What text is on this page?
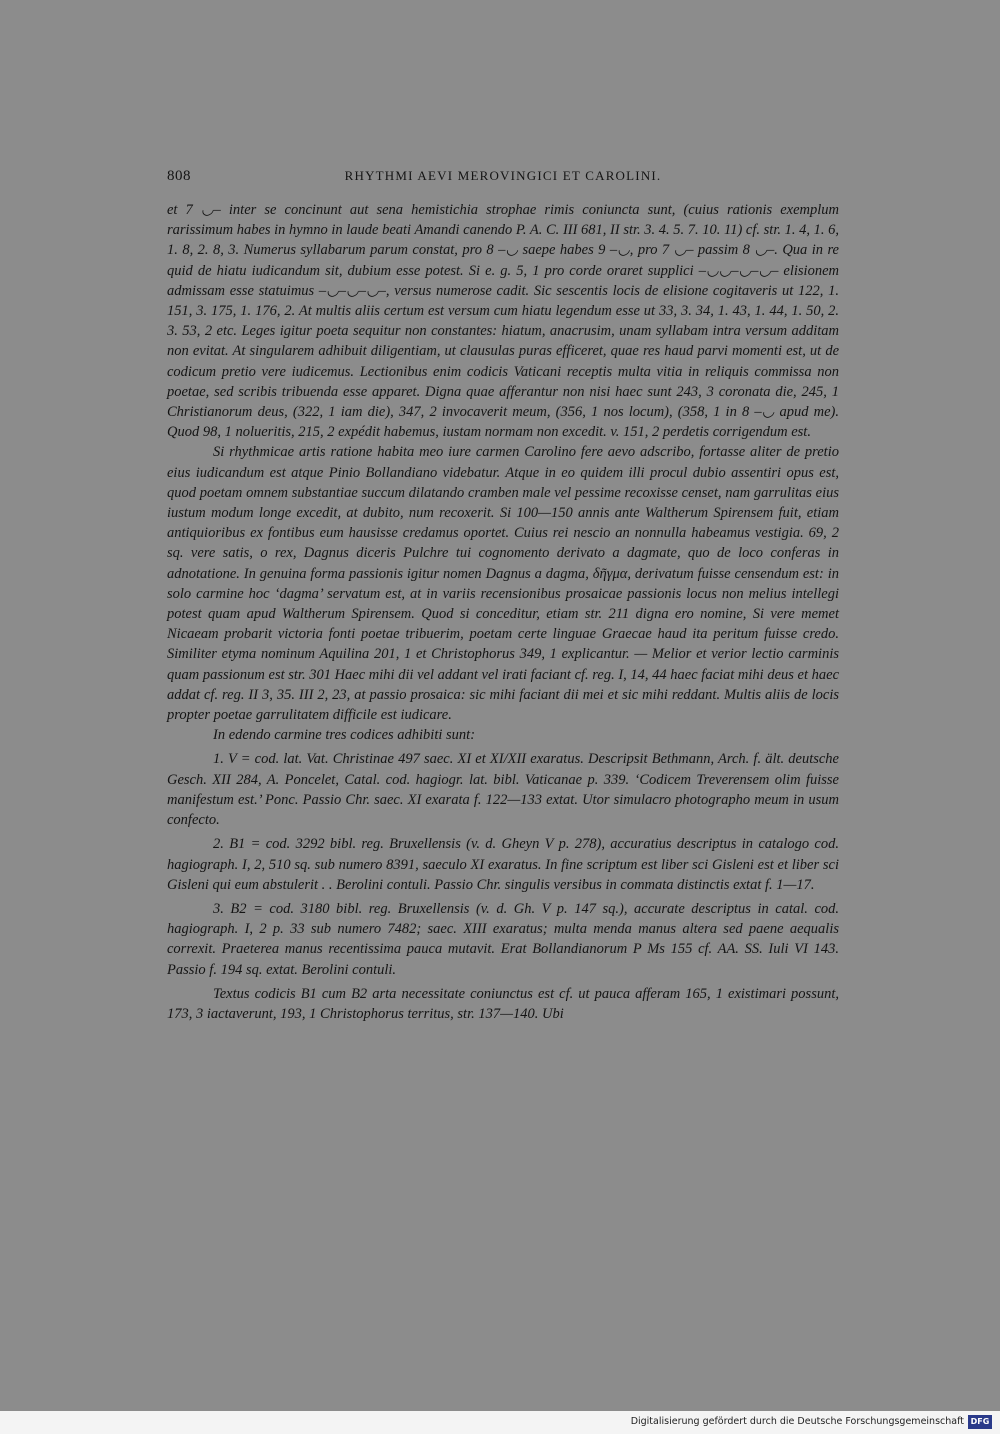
808	RHYTHMI AEVI MEROVINGICI ET CAROLINI.

et 7 ◡– inter se concinunt aut sena hemistichia strophae rimis coniuncta sunt, (cuius rationis exemplum rarissimum habes in hymno in laude beati Amandi canendo P. A. C. III 681, II str. 3. 4. 5. 7. 10. 11) cf. str. 1. 4, 1. 6, 1. 8, 2. 8, 3. Numerus syllabarum parum constat, pro 8 –◡ saepe habes 9 –◡, pro 7 ◡– passim 8 ◡–. Qua in re quid de hiatu iudicandum sit, dubium esse potest. Si e. g. 5, 1 pro corde oraret supplici –◡◡–◡–◡– elisionem admissam esse statuimus –◡–◡–◡–, versus numerose cadit. Sic sescentis locis de elisione cogitaveris ut 122, 1. 151, 3. 175, 1. 176, 2. At multis aliis certum est versum cum hiatu legendum esse ut 33, 3. 34, 1. 43, 1. 44, 1. 50, 2. 3. 53, 2 etc. Leges igitur poeta sequitur non constantes: hiatum, anacrusim, unam syllabam intra versum additam non evitat. At singularem adhibuit diligentiam, ut clausulas puras efficeret, quae res haud parvi momenti est, ut de codicum pretio vere iudicemus. Lectionibus enim codicis Vaticani receptis multa vitia in reliquis commissa non poetae, sed scribis tribuenda esse apparet. Digna quae afferantur non nisi haec sunt 243, 3 coronata die, 245, 1 Christianorum deus, (322, 1 iam die), 347, 2 invocaverit meum, (356, 1 nos locum), (358, 1 in 8 –◡ apud me). Quod 98, 1 nolueritis, 215, 2 expédit habemus, iustam normam non excedit. v. 151, 2 perdetis corrigendum est.

Si rhythmicae artis ratione habita meo iure carmen Carolino fere aevo adscribo, fortasse aliter de pretio eius iudicandum est atque Pinio Bollandiano videbatur. Atque in eo quidem illi procul dubio assentiri opus est, quod poetam omnem substantiae succum dilatando cramben male vel pessime recoxisse censet, nam garrulitas eius iustum modum longe excedit, at dubito, num recoxerit. Si 100—150 annis ante Waltherum Spirensem fuit, etiam antiquioribus ex fontibus eum hausisse credamus oportet. Cuius rei nescio an nonnulla habeamus vestigia. 69, 2 sq. vere satis, o rex, Dagnus diceris Pulchre tui cognomento derivato a dagmate, quo de loco conferas in adnotatione. In genuina forma passionis igitur nomen Dagnus a dagma, δῆγμα, derivatum fuisse censendum est: in solo carmine hoc ‘dagma’ servatum est, at in variis recensionibus prosaicae passionis locus non melius intellegi potest quam apud Waltherum Spirensem. Quod si conceditur, etiam str. 211 digna ero nomine, Si vere memet Nicaeam probarit victoria fonti poetae tribuerim, poetam certe linguae Graecae haud ita peritum fuisse credo. Similiter etyma nominum Aquilina 201, 1 et Christophorus 349, 1 explicantur. — Melior et verior lectio carminis quam passionum est str. 301 Haec mihi dii vel addant vel irati faciant cf. reg. I, 14, 44 haec faciat mihi deus et haec addat cf. reg. II 3, 35. III 2, 23, at passio prosaica: sic mihi faciant dii mei et sic mihi reddant. Multis aliis de locis propter poetae garrulitatem difficile est iudicare.

In edendo carmine tres codices adhibiti sunt:

1. V = cod. lat. Vat. Christinae 497 saec. XI et XI/XII exaratus. Descripsit Bethmann, Arch. f. ält. deutsche Gesch. XII 284, A. Poncelet, Catal. cod. hagiogr. lat. bibl. Vaticanae p. 339. ‘Codicem Treverensem olim fuisse manifestum est.’ Ponc. Passio Chr. saec. XI exarata f. 122—133 extat. Utor simulacro photographo meum in usum confecto.

2. B1 = cod. 3292 bibl. reg. Bruxellensis (v. d. Gheyn V p. 278), accuratius descriptus in catalogo cod. hagiograph. I, 2, 510 sq. sub numero 8391, saeculo XI exaratus. In fine scriptum est liber sci Gisleni est et liber sci Gisleni qui eum abstulerit . . Berolini contuli. Passio Chr. singulis versibus in commata distinctis extat f. 1—17.

3. B2 = cod. 3180 bibl. reg. Bruxellensis (v. d. Gh. V p. 147 sq.), accurate descriptus in catal. cod. hagiograph. I, 2 p. 33 sub numero 7482; saec. XIII exaratus; multa menda manus altera sed paene aequalis correxit. Praeterea manus recentissima pauca mutavit. Erat Bollandianorum P Ms 155 cf. AA. SS. Iuli VI 143. Passio f. 194 sq. extat. Berolini contuli.

Textus codicis B1 cum B2 arta necessitate coniunctus est cf. ut pauca afferam 165, 1 existimari possunt, 173, 3 iactaverunt, 193, 1 Christophorus territus, str. 137—140. Ubi

Digitalisierung gefördert durch die Deutsche Forschungsgemeinschaft DFG
